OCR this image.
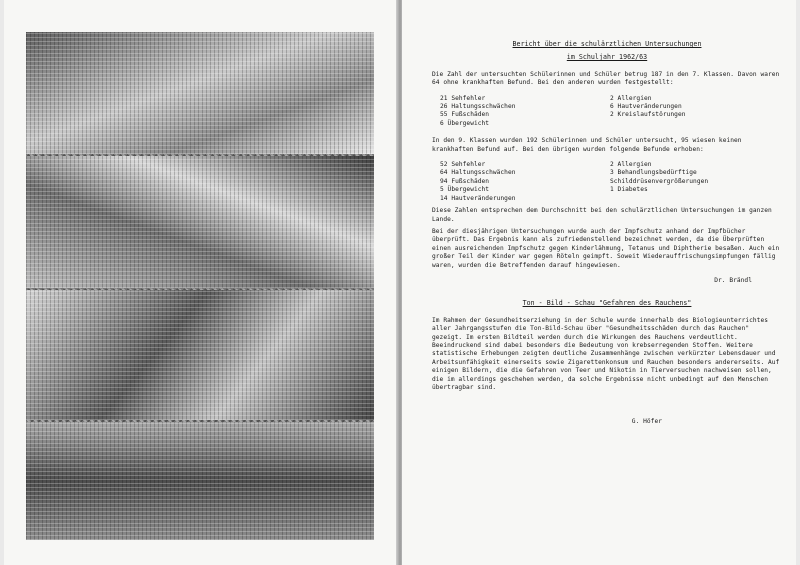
Bericht über die schulärztlichen Untersuchungen
im Schuljahr 1962/63
Die Zahl der untersuchten Schülerinnen und Schüler betrug 187 in den 7. Klassen. Davon waren 64 ohne krankhaften Befund. Bei den anderen wurden festgestellt:
21 Sehfehler
26 Haltungsschwächen
55 Fußschäden
6 Übergewicht
2 Allergien
6 Hautveränderungen
2 Kreislaufstörungen
In den 9. Klassen wurden 192 Schülerinnen und Schüler untersucht, 95 wiesen keinen krankhaften Befund auf. Bei den übrigen wurden folgende Befunde erhoben:
52 Sehfehler
64 Haltungsschwächen
94 Fußschäden
5 Übergewicht
14 Hautveränderungen
2 Allergien
3 Behandlungsbedürftige
Schilddrüsenvergrößerungen
1 Diabetes
Diese Zahlen entsprechen dem Durchschnitt bei den schulärztlichen Untersuchungen im ganzen Lande.
Bei der diesjährigen Untersuchungen wurde auch der Impfschutz anhand der Impfbücher überprüft. Das Ergebnis kann als zufriedenstellend bezeichnet werden, da die Überprüften einen ausreichenden Impfschutz gegen Kinderlähmung, Tetanus und Diphtherie besaßen. Auch ein großer Teil der Kinder war gegen Röteln geimpft. Soweit Wiederauffrischungsimpfungen fällig waren, wurden die Betreffenden darauf hingewiesen.
Dr. Brändl
Ton - Bild - Schau "Gefahren des Rauchens"
Im Rahmen der Gesundheitserziehung in der Schule wurde innerhalb des Biologieunterrichtes aller Jahrgangsstufen die Ton-Bild-Schau über "Gesundheitsschäden durch das Rauchen" gezeigt. Im ersten Bildteil werden durch die Wirkungen des Rauchens verdeutlicht. Beeindruckend sind dabei besonders die Bedeutung von krebserregenden Stoffen. Weitere statistische Erhebungen zeigten deutliche Zusammenhänge zwischen verkürzter Lebensdauer und Arbeitsunfähigkeit einerseits sowie Zigarettenkonsum und Rauchen besonders andererseits. Auf einigen Bildern, die die Gefahren von Teer und Nikotin in Tierversuchen nachweisen sollen, die im allerdings geschehen werden, da solche Ergebnisse nicht unbedingt auf den Menschen übertragbar sind.
G. Höfer
